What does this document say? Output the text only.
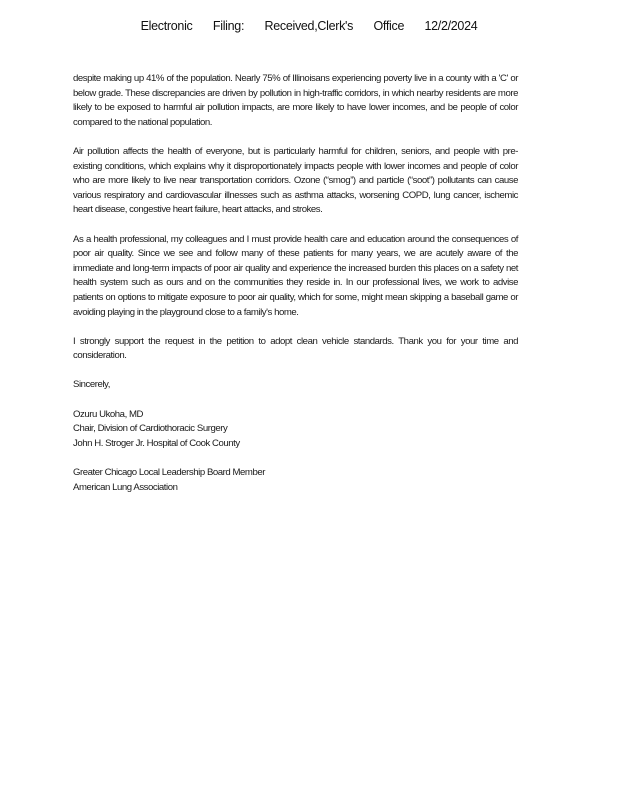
Electronic Filing: Received,Clerk's Office 12/2/2024

despite making up 41% of the population. Nearly 75% of Illinoisans experiencing poverty live in a county with a 'C' or below grade. These discrepancies are driven by pollution in high-traffic corridors, in which nearby residents are more likely to be exposed to harmful air pollution impacts, are more likely to have lower incomes, and be people of color compared to the national population.

Air pollution affects the health of everyone, but is particularly harmful for children, seniors, and people with pre-existing conditions, which explains why it disproportionately impacts people with lower incomes and people of color who are more likely to live near transportation corridors. Ozone (“smog”) and particle (“soot”) pollutants can cause various respiratory and cardiovascular illnesses such as asthma attacks, worsening COPD, lung cancer, ischemic heart disease, congestive heart failure, heart attacks, and strokes.

As a health professional, my colleagues and I must provide health care and education around the consequences of poor air quality. Since we see and follow many of these patients for many years, we are acutely aware of the immediate and long-term impacts of poor air quality and experience the increased burden this places on a safety net health system such as ours and on the communities they reside in. In our professional lives, we work to advise patients on options to mitigate exposure to poor air quality, which for some, might mean skipping a baseball game or avoiding playing in the playground close to a family's home.

I strongly support the request in the petition to adopt clean vehicle standards. Thank you for your time and consideration.

Sincerely,

Ozuru Ukoha, MD
Chair, Division of Cardiothoracic Surgery
John H. Stroger Jr. Hospital of Cook County
Greater Chicago Local Leadership Board Member
American Lung Association
